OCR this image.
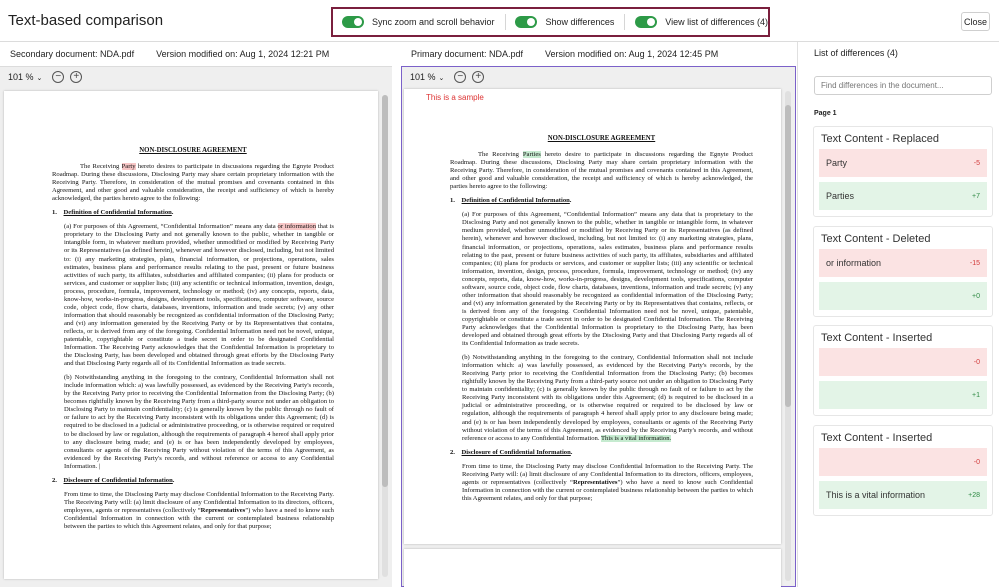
Text-based comparison	Sync zoom and scroll behavior	Show differences	View list of differences (4)	Close
Secondary document: NDA.pdf Version modified on: Aug 1, 2024 12:21 PM	Primary document: NDA.pdf Version modified on: Aug 1, 2024 12:45 PM
101 % ⌄	−	+
NON-DISCLOSURE AGREEMENT

The Receiving Party hereto desires to participate in discussions regarding the Egnyte Product Roadmap. During these discussions, Disclosing Party may share certain proprietary information with the Receiving Party. Therefore, in consideration of the mutual promises and covenants contained in this Agreement, and other good and valuable consideration, the receipt and sufficiency of which is hereby acknowledged, the parties hereto agree to the following:

1.    Definition of Confidential Information.

(a) For purposes of this Agreement, “Confidential Information” means any data or information that is proprietary to the Disclosing Party and not generally known to the public, whether in tangible or intangible form, in whatever medium provided, whether unmodified or modified by Receiving Party or its Representatives (as defined herein), whenever and however disclosed, including, but not limited to: (i) any marketing strategies, plans, financial information, or projections, operations, sales estimates, business plans and performance results relating to the past, present or future business activities of such party, its affiliates, subsidiaries and affiliated companies; (ii) plans for products or services, and customer or supplier lists; (iii) any scientific or technical information, invention, design, process, procedure, formula, improvement, technology or method; (iv) any concepts, reports, data, know-how, works-in-progress, designs, development tools, specifications, computer software, source code, object code, flow charts, databases, inventions, information and trade secrets; (v) any other information that should reasonably be recognized as confidential information of the Disclosing Party; and (vi) any information generated by the Receiving Party or by its Representatives that contains, reflects, or is derived from any of the foregoing. Confidential Information need not be novel, unique, patentable, copyrightable or constitute a trade secret in order to be designated Confidential Information. The Receiving Party acknowledges that the Confidential Information is proprietary to the Disclosing Party, has been developed and obtained through great efforts by the Disclosing Party and that Disclosing Party regards all of its Confidential Information as trade secrets.

(b) Notwithstanding anything in the foregoing to the contrary, Confidential Information shall not include information which: a) was lawfully possessed, as evidenced by the Receiving Party's records, by the Receiving Party prior to receiving the Confidential Information from the Disclosing Party; (b) becomes rightfully known by the Receiving Party from a third-party source not under an obligation to Disclosing Party to maintain confidentiality; (c) is generally known by the public through no fault of or failure to act by the Receiving Party inconsistent with its obligations under this Agreement; (d) is required to be disclosed in a judicial or administrative proceeding, or is otherwise required or required to be disclosed by law or regulation, although the requirements of paragraph 4 hereof shall apply prior to any disclosure being made; and (e) is or has been independently developed by employees, consultants or agents of the Receiving Party without violation of the terms of this Agreement, as evidenced by the Receiving Party's records, and without reference or access to any Confidential Information. |

2.    Disclosure of Confidential Information.

From time to time, the Disclosing Party may disclose Confidential Information to the Receiving Party. The Receiving Party will: (a) limit disclosure of any Confidential Information to its directors, officers, employees, agents or representatives (collectively “Representatives”) who have a need to know such Confidential Information in connection with the current or contemplated business relationship between the parties to which this Agreement relates, and only for that purpose;

101 % ⌄	−	+
This is a sample
NON-DISCLOSURE AGREEMENT

The Receiving Parties hereto desire to participate in discussions regarding the Egnyte Product Roadmap. During these discussions, Disclosing Party may share certain proprietary information with the Receiving Party. Therefore, in consideration of the mutual promises and covenants contained in this Agreement, and other good and valuable consideration, the receipt and sufficiency of which is hereby acknowledged, the parties hereto agree to the following:

1.    Definition of Confidential Information.

(a) For purposes of this Agreement, “Confidential Information” means any data that is proprietary to the Disclosing Party and not generally known to the public, whether in tangible or intangible form, in whatever medium provided, whether unmodified or modified by Receiving Party or its Representatives (as defined herein), whenever and however disclosed, including, but not limited to: (i) any marketing strategies, plans, financial information, or projections, operations, sales estimates, business plans and performance results relating to the past, present or future business activities of such party, its affiliates, subsidiaries and affiliated companies; (ii) plans for products or services, and customer or supplier lists; (iii) any scientific or technical information, invention, design, process, procedure, formula, improvement, technology or method; (iv) any concepts, reports, data, know-how, works-in-progress, designs, development tools, specifications, computer software, source code, object code, flow charts, databases, inventions, information and trade secrets; (v) any other information that should reasonably be recognized as confidential information of the Disclosing Party; and (vi) any information generated by the Receiving Party or by its Representatives that contains, reflects, or is derived from any of the foregoing. Confidential Information need not be novel, unique, patentable, copyrightable or constitute a trade secret in order to be designated Confidential Information. The Receiving Party acknowledges that the Confidential Information is proprietary to the Disclosing Party, has been developed and obtained through great efforts by the Disclosing Party and that Disclosing Party regards all of its Confidential Information as trade secrets.

(b) Notwithstanding anything in the foregoing to the contrary, Confidential Information shall not include information which: a) was lawfully possessed, as evidenced by the Receiving Party's records, by the Receiving Party prior to receiving the Confidential Information from the Disclosing Party; (b) becomes rightfully known by the Receiving Party from a third-party source not under an obligation to Disclosing Party to maintain confidentiality; (c) is generally known by the public through no fault of or failure to act by the Receiving Party inconsistent with its obligations under this Agreement; (d) is required to be disclosed in a judicial or administrative proceeding, or is otherwise required or required to be disclosed by law or regulation, although the requirements of paragraph 4 hereof shall apply prior to any disclosure being made; and (e) is or has been independently developed by employees, consultants or agents of the Receiving Party without violation of the terms of this Agreement, as evidenced by the Receiving Party's records, and without reference or access to any Confidential Information. This is a vital information.

2.    Disclosure of Confidential Information.

From time to time, the Disclosing Party may disclose Confidential Information to the Receiving Party. The Receiving Party will: (a) limit disclosure of any Confidential Information to its directors, officers, employees, agents or representatives (collectively “Representatives”) who have a need to know such Confidential Information in connection with the current or contemplated business relationship between the parties to which this Agreement relates, and only for that purpose;

List of differences (4)
Find differences in the document...
Page 1
Text Content - Replaced
Party	-5
Parties	+7
Text Content - Deleted
or information	-15
+0
Text Content - Inserted
-0
+1
Text Content - Inserted
-0
This is a vital information	+28
